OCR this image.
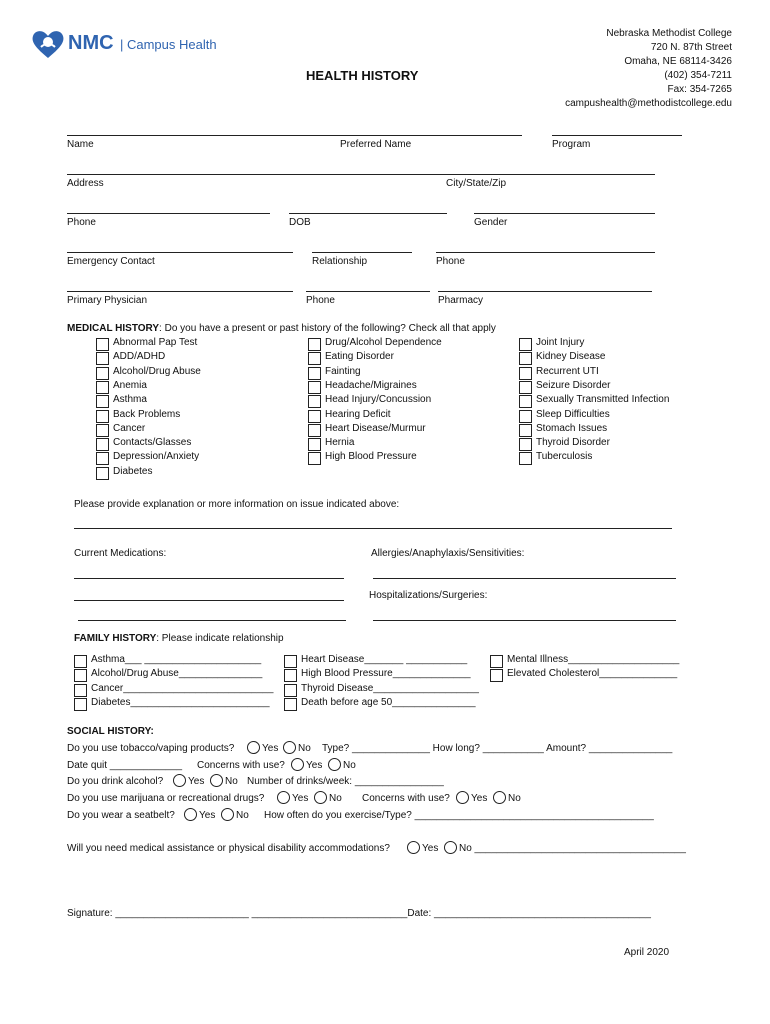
NMC | Campus Health
HEALTH HISTORY
Nebraska Methodist College
720 N. 87th Street
Omaha, NE 68114-3426
(402) 354-7211
Fax: 354-7265
campushealth@methodistcollege.edu
Name	Preferred Name	Program
Address	City/State/Zip
Phone	DOB	Gender
Emergency Contact	Relationship	Phone
Primary Physician	Phone	Pharmacy
MEDICAL HISTORY: Do you have a present or past history of the following? Check all that apply
Abnormal Pap Test
ADD/ADHD
Alcohol/Drug Abuse
Anemia
Asthma
Back Problems
Cancer
Contacts/Glasses
Depression/Anxiety
Diabetes
Drug/Alcohol Dependence
Eating Disorder
Fainting
Headache/Migraines
Head Injury/Concussion
Hearing Deficit
Heart Disease/Murmur
Hernia
High Blood Pressure
Joint Injury
Kidney Disease
Recurrent UTI
Seizure Disorder
Sexually Transmitted Infection
Sleep Difficulties
Stomach Issues
Thyroid Disorder
Tuberculosis
Please provide explanation or more information on issue indicated above:
Current Medications:	Allergies/Anaphylaxis/Sensitivities:
Hospitalizations/Surgeries:
FAMILY HISTORY: Please indicate relationship
Asthma___ _____________________
Alcohol/Drug Abuse_______________
Cancer___________________________
Diabetes_________________________
Heart Disease_______ ___________
High Blood Pressure______________
Thyroid Disease___________________
Death before age 50_______________
Mental Illness____________________
Elevated Cholesterol______________
SOCIAL HISTORY:
Do you use tobacco/vaping products?	Yes No Type? ______________ How long? ___________ Amount? _______________
Date quit _____________ Concerns with use? Yes No
Do you drink alcohol? Yes No Number of drinks/week: ________________
Do you use marijuana or recreational drugs?	Yes No Concerns with use? Yes No
Do you wear a seatbelt? Yes No How often do you exercise/Type? ___________________________________________
Will you need medical assistance or physical disability accommodations?	Yes No ______________________________________
Signature: ________________________ ____________________________Date: _______________________________________
April 2020
